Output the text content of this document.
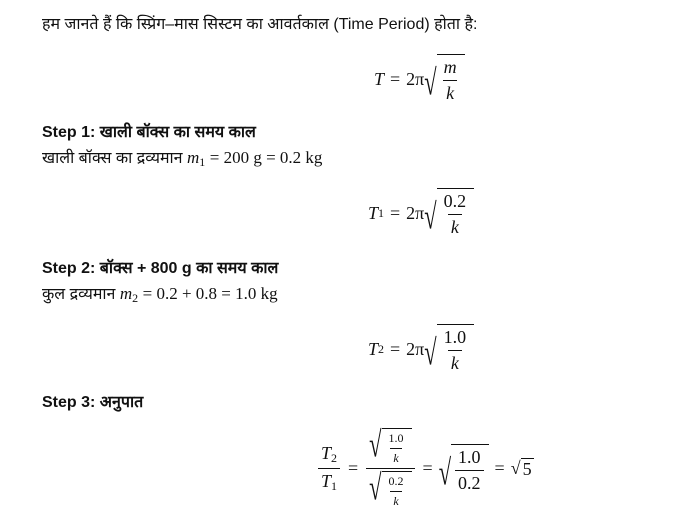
हम जानते हैं कि स्प्रिंग–मास सिस्टम का आवर्तकाल (Time Period) होता है:
T = 2π √ $\frac{m}{k}$
Step 1: खाली बॉक्स का समय काल
खाली बॉक्स का द्रव्यमान $m_1 = 200$ g = 0.2 kg
T 1 = 2π √ $\frac{0.2}{k}$
Step 2: बॉक्स + 800 g का समय काल
कुल द्रव्यमान $m_2 = 0.2 + 0.8 = 1.0$ kg
T 2 = 2π √ $\frac{1.0}{k}$
Step 3: अनुपात
$\frac{T_2}{T_1} = \frac{√ \frac{1.0}{k}}{√ \frac{0.2}{k}}$ = √ $\frac{1.0}{0.2}$ = √ 5
